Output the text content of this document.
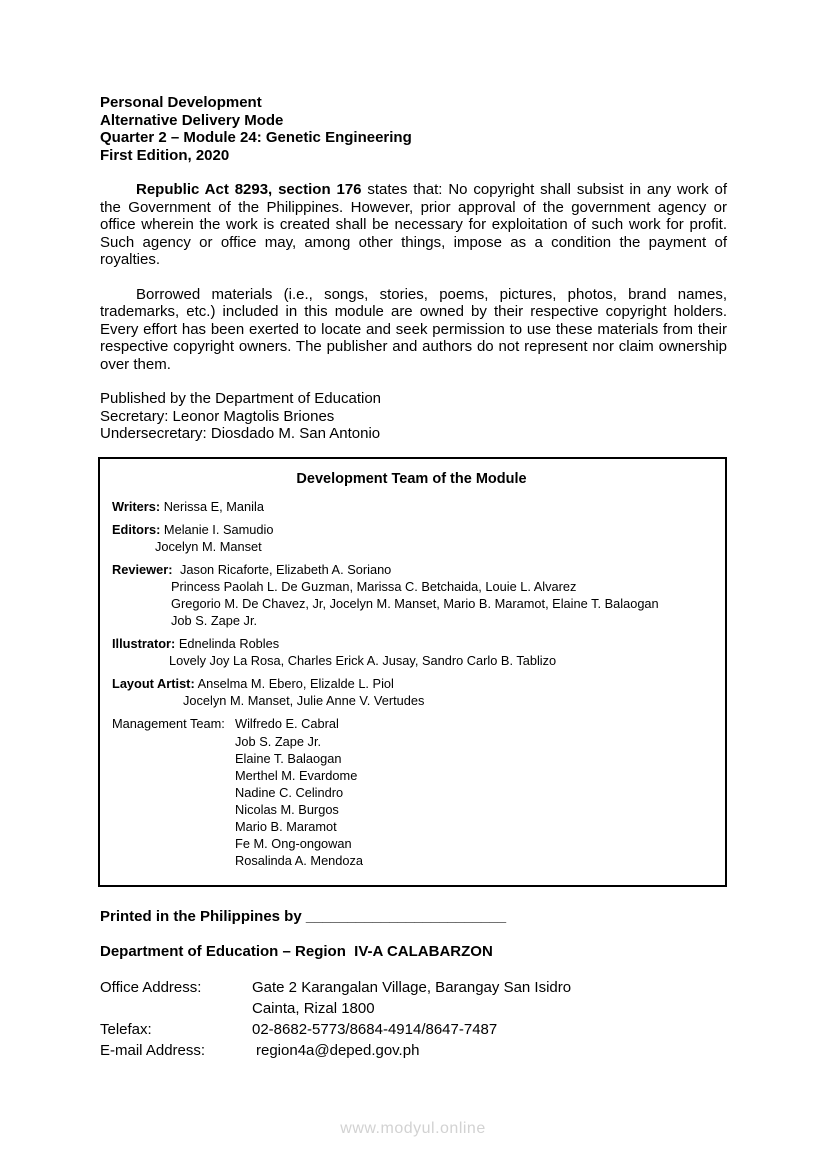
Personal Development
Alternative Delivery Mode
Quarter 2 – Module 24: Genetic Engineering
First Edition, 2020

Republic Act 8293, section 176 states that: No copyright shall subsist in any work of the Government of the Philippines. However, prior approval of the government agency or office wherein the work is created shall be necessary for exploitation of such work for profit. Such agency or office may, among other things, impose as a condition the payment of royalties.

Borrowed materials (i.e., songs, stories, poems, pictures, photos, brand names, trademarks, etc.) included in this module are owned by their respective copyright holders. Every effort has been exerted to locate and seek permission to use these materials from their respective copyright owners. The publisher and authors do not represent nor claim ownership over them.

Published by the Department of Education
Secretary: Leonor Magtolis Briones
Undersecretary: Diosdado M. San Antonio
Development Team of the Module
Writers: Nerissa E, Manila
Editors: Melanie I. Samudio
Jocelyn M. Manset
Reviewer: Jason Ricaforte, Elizabeth A. Soriano
Princess Paolah L. De Guzman, Marissa C. Betchaida, Louie L. Alvarez
Gregorio M. De Chavez, Jr, Jocelyn M. Manset, Mario B. Maramot, Elaine T. Balaogan
Job S. Zape Jr.
Illustrator: Ednelinda Robles
Lovely Joy La Rosa, Charles Erick A. Jusay, Sandro Carlo B. Tablizo
Layout Artist: Anselma M. Ebero, Elizalde L. Piol
Jocelyn M. Manset, Julie Anne V. Vertudes
Management Team: Wilfredo E. Cabral
Job S. Zape Jr.
Elaine T. Balaogan
Merthel M. Evardome
Nadine C. Celindro
Nicolas M. Burgos
Mario B. Maramot
Fe M. Ong-ongowan
Rosalinda A. Mendoza
Printed in the Philippines by ________________________
Department of Education – Region  IV-A CALABARZON
Office Address:	Gate 2 Karangalan Village, Barangay San Isidro
Cainta, Rizal 1800
Telefax:	02-8682-5773/8684-4914/8647-7487
E-mail Address:	region4a@deped.gov.ph
www.modyul.online
